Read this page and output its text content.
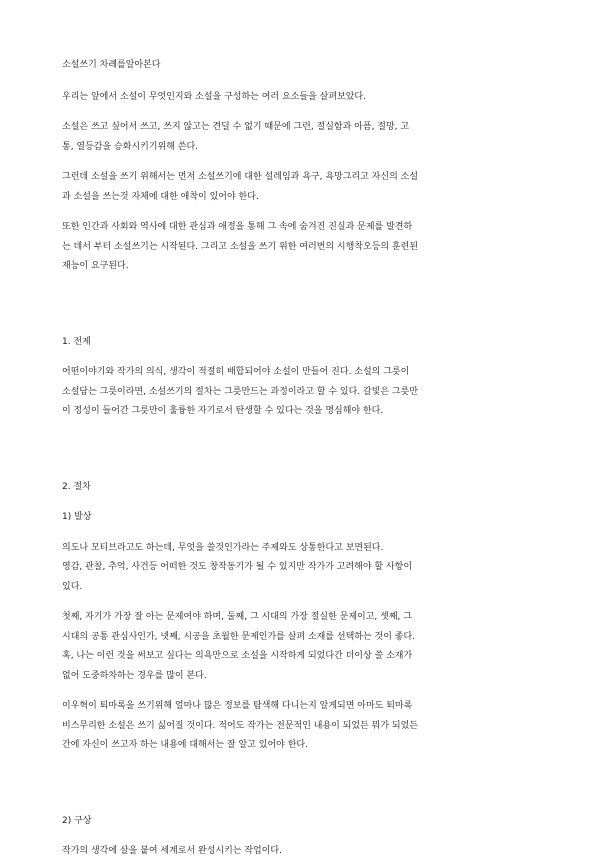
소설쓰기 차례를알아본다

우리는 앞에서 소설이 무엇인지와 소설을 구성하는 여러 요소들을 살펴보았다.

소설은 쓰고 싶어서 쓰고, 쓰지 않고는 견딜 수 없기 때문에 그런, 절실함과 아픔, 절망, 고
통, 열등감을 승화시키기위해 쓴다.

그런데 소설을 쓰기 위해서는 먼저 소설쓰기에 대한 설레임과 욕구, 욕망그리고 자신의 소설
과 소설을 쓰는것 자체에 대한 애착이 있어야 한다.

또한 인간과 사회와 역사에 대한 관심과 애정을 통해 그 속에 숨겨진 진실과 문제를 발견하
는 데서 부터 소설쓰기는 시작된다. 그리고 소설을 쓰기 위한 여러번의 시행착오등의 훈련된
재능이 요구된다.

1. 전제

어떤이야기와 작가의 의식, 생각이 적절히 배합되어야 소설이 만들어 진다. 소설의 그릇이
소설담는 그릇이라면, 소설쓰기의 절차는 그릇만드는 과정이라고 할 수 있다. 갈빛은 그릇만
이 정성이 들어간 그릇만이 훌륭한 자기로서 탄생할 수 있다는 것을 명심해야 한다.

2. 절차

1) 발상

의도나 모티브라고도 하는데, 무엇을 쓸것인가라는 주제와도 상통한다고 보면된다.
영감, 관찰, 추억, 사건등 어떠한 것도 창작동기가 될 수 있지만 작가가 고려해야 할 사항이
있다.

첫째, 자기가 가장 잘 아는 문제여야 하며, 둘째, 그 시대의 가장 절실한 문제이고, 셋째, 그
시대의 공통 관심사인가, 넷째, 시공을 초월한 문제인가를 살펴 소재를 선택하는 것이 좋다.
혹, 나는 이런 것을 써보고 싶다는 의욕만으로 소설을 시작하게 되었다간 더이상 쓸 소재가
없어 도중하차하는 경우를 많이 본다.

이우혁이 퇴마록을 쓰기위해 얼마나 많은 정보를 탐색해 다니는지 알게되면 아마도 퇴마록
비스무리한 소설은 쓰기 싫어질 것이다. 적어도 작가는 전문적인 내용이 되었든 뭐가 되었든
간에 자신이 쓰고자 하는 내용에 대해서는 잘 알고 있어야 한다.

2) 구상

작가의 생각에 살을 붙여 세계로서 완성시키는 작업이다.
